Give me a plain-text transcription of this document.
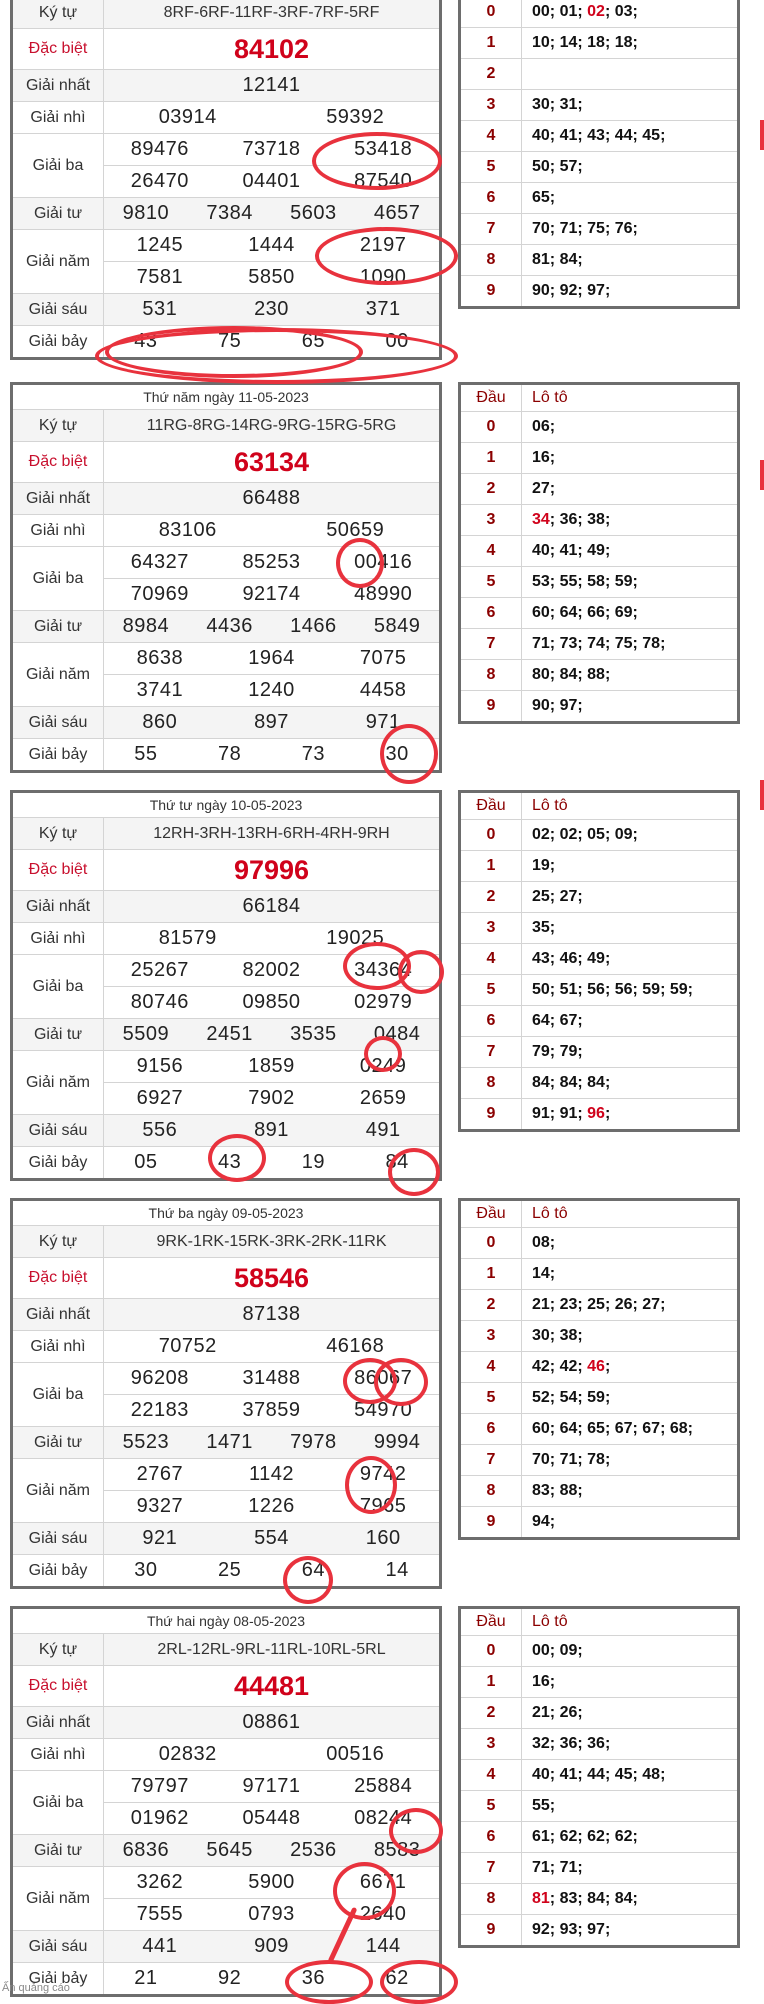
Ký tự	8RF-6RF-11RF-3RF-7RF-5RF
Đặc biệt	84102
Giải nhất	12141
Giải nhì	03914 59392

Giải ba	89476 73718 53418

	26470 04401 87540

Giải tư	9810 7384 5603 4657

Giải năm	1245 1444 2197

	7581 5850 1090

Giải sáu	531 230 371

Giải bảy	43 75 65 00
0	00; 01; 02; 03;
1	10; 14; 18; 18;
2	
3	30; 31;
4	40; 41; 43; 44; 45;
5	50; 57;
6	65;
7	70; 71; 75; 76;
8	81; 84;
9	90; 92; 97;
Thứ năm ngày 11-05-2023	
Ký tự	11RG-8RG-14RG-9RG-15RG-5RG
Đặc biệt	63134
Giải nhất	66488
Giải nhì	83106 50659

Giải ba	64327 85253 00416

	70969 92174 48990

Giải tư	8984 4436 1466 5849

Giải năm	8638 1964 7075

	3741 1240 4458

Giải sáu	860 897 971

Giải bảy	55 78 73 30
Đầu	Lô tô
0	06;
1	16;
2	27;
3	34; 36; 38;
4	40; 41; 49;
5	53; 55; 58; 59;
6	60; 64; 66; 69;
7	71; 73; 74; 75; 78;
8	80; 84; 88;
9	90; 97;
Thứ tư ngày 10-05-2023	
Ký tự	12RH-3RH-13RH-6RH-4RH-9RH
Đặc biệt	97996
Giải nhất	66184
Giải nhì	81579 19025

Giải ba	25267 82002 34364

	80746 09850 02979

Giải tư	5509 2451 3535 0484

Giải năm	9156 1859 0249

	6927 7902 2659

Giải sáu	556 891 491

Giải bảy	05 43 19 84
Đầu	Lô tô
0	02; 02; 05; 09;
1	19;
2	25; 27;
3	35;
4	43; 46; 49;
5	50; 51; 56; 56; 59; 59;
6	64; 67;
7	79; 79;
8	84; 84; 84;
9	91; 91; 96;
Thứ ba ngày 09-05-2023	
Ký tự	9RK-1RK-15RK-3RK-2RK-11RK
Đặc biệt	58546
Giải nhất	87138
Giải nhì	70752 46168

Giải ba	96208 31488 86067

	22183 37859 54970

Giải tư	5523 1471 7978 9994

Giải năm	2767 1142 9742

	9327 1226 7965

Giải sáu	921 554 160

Giải bảy	30 25 64 14
Đầu	Lô tô
0	08;
1	14;
2	21; 23; 25; 26; 27;
3	30; 38;
4	42; 42; 46;
5	52; 54; 59;
6	60; 64; 65; 67; 67; 68;
7	70; 71; 78;
8	83; 88;
9	94;
Thứ hai ngày 08-05-2023	
Ký tự	2RL-12RL-9RL-11RL-10RL-5RL
Đặc biệt	44481
Giải nhất	08861
Giải nhì	02832 00516

Giải ba	79797 97171 25884

	01962 05448 08244

Giải tư	6836 5645 2536 8583

Giải năm	3262 5900 6671

	7555 0793 2640

Giải sáu	441 909 144

Giải bảy	21 92 36 62
Đầu	Lô tô
0	00; 09;
1	16;
2	21; 26;
3	32; 36; 36;
4	40; 41; 44; 45; 48;
5	55;
6	61; 62; 62; 62;
7	71; 71;
8	81; 83; 84; 84;
9	92; 93; 97;
Ấn quảng cáo
